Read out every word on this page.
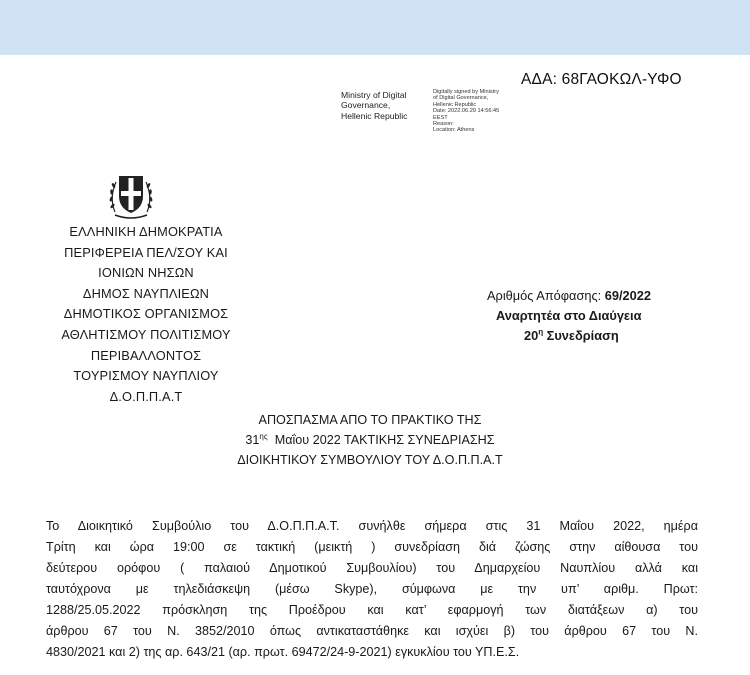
ΑΔΑ: 68ΓΑΟΚΩΛ-ΥΦΟ
Ministry of Digital
Governance,
Hellenic Republic
Digitally signed by Ministry
of Digital Governance,
Hellenic Republic
Date: 2022.06.29 14:56:45
EEST
Reason:
Location: Athens
ΕΛΛΗΝΙΚΗ ΔΗΜΟΚΡΑΤΙΑ
ΠΕΡΙΦΕΡΕΙΑ ΠΕΛ/ΣΟΥ ΚΑΙ
ΙΟΝΙΩΝ ΝΗΣΩΝ
ΔΗΜΟΣ ΝΑΥΠΛΙΕΩΝ
ΔΗΜΟΤΙΚΟΣ ΟΡΓΑΝΙΣΜΟΣ
ΑΘΛΗΤΙΣΜΟΥ ΠΟΛΙΤΙΣΜΟΥ
ΠΕΡΙΒΑΛΛΟΝΤΟΣ
ΤΟΥΡΙΣΜΟΥ ΝΑΥΠΛΙΟΥ
Δ.Ο.Π.Π.Α.Τ
Αριθμός Απόφασης: 69/2022
Αναρτητέα στο Διαύγεια
$20^\eta$ Συνεδρίαση
ΑΠΟΣΠΑΣΜΑ ΑΠΟ ΤΟ ΠΡΑΚΤΙΚΟ ΤΗΣ
$31^{\eta\varsigma}$  Μαΐου 2022 ΤΑΚΤΙΚΗΣ ΣΥΝΕΔΡΙΑΣΗΣ
ΔΙΟΙΚΗΤΙΚΟΥ ΣΥΜΒΟΥΛΙΟΥ ΤΟΥ Δ.Ο.Π.Π.Α.Τ
Το Διοικητικό Συμβούλιο του Δ.Ο.Π.Π.Α.Τ. συνήλθε σήμερα στις 31 Μαΐου 2022, ημέρα
Τρίτη και ώρα 19:00 σε τακτική (μεικτή ) συνεδρίαση διά ζώσης στην αίθουσα του
δεύτερου ορόφου ( παλαιού Δημοτικού Συμβουλίου) του Δημαρχείου Ναυπλίου αλλά και
ταυτόχρονα με τηλεδιάσκεψη (μέσω Skype), σύμφωνα με την υπ’ αριθμ. Πρωτ:
1288/25.05.2022 πρόσκληση της Προέδρου και κατ’ εφαρμογή των διατάξεων α) του
άρθρου 67 του Ν. 3852/2010 όπως αντικαταστάθηκε και ισχύει β) του άρθρου 67 του Ν.
4830/2021 και 2) της αρ. 643/21 (αρ. πρωτ. 69472/24-9-2021) εγκυκλίου του ΥΠ.Ε.Σ.
